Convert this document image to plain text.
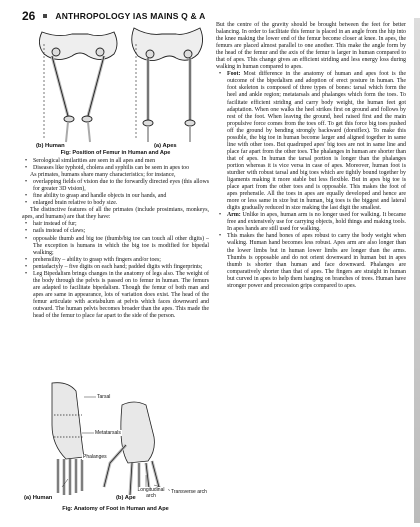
26 ANTHROPOLOGY IAS MAINS Q & A
(b) Human	(a) Apes
Fig: Position of Femur in Human and Ape
•	Serological similarities are seen in all apes and men
•	Diseases like typhoid, cholera and syphilis can be seen in apes too

As primates, humans share many characteristics; for instance,

•	overlapping fields of vision due to the forwardly directed eyes (this allows for greater 3D vision),
•	fine ability to grasp and handle objects in our hands, and
•	enlarged brain relative to body size.

The distinctive features of all the primates (include prosimians, monkeys, apes, and humans) are that they have:

•	hair instead of fur;
•	nails instead of claws;
•	opposable thumb and big toe (thumb/big toe can touch all other digits) – The exception is humans in which the big toe is modified for bipedal walking;
•	prehensility – ability to grasp with fingers and/or toes;
•	pentadactyly – five digits on each hand; padded digits with fingerprints;
•	Leg Bipedalism brings changes in the anatomy of legs also. The weight of the body through the pelvis is passed on to femur in human. The femurs are adapted to facilitate bipedalism. Though the femur of both man and apes are same in appearance, lots of variation does exist. The head of the femur articulate with acetabulum at pelvis which faces downward and outward. The human pelvis becomes broader than the apes. This made the head of the femur to place far apart to the side of the person.
Tarsal
Metatarsals
Phalanges
Transverse arch
Longitudinal arch
(a) Human	(b) Ape
Fig: Anatomy of Foot in Human and Ape

But the centre of the gravity should be brought between the feet for better balancing. In order to facilitate this femur is placed in an angle from the hip into the knee making the lower end of the femur become closer at knee. In apes, the femurs are placed almost parallel to one another. This make the angle form by the head of the femur and the axis of the femur is larger in human compared to that of apes. This change gives an efficient striding and less energy loss during walking in human compared to apes.

•	Foot: Most difference in the anatomy of human and apes foot is the outcome of the bipedalism and adoption of erect posture in human. The foot skeleton is composed of three types of bones: tarsal which form the heel and ankle region; metatarsals and phalanges which form the toes. To facilitate efficient striding and carry body weight, the human feet got adaptation. When one walks the heel strikes first on ground and follows by rest of the foot. When leaving the ground, heel raised first and the main propulsive force comes from the toes off. To get this force big toes pushed off the ground by bending strongly backward (dorsiflex). To make this possible, the big toe in human become larger and aligned together in same line with other toes. But quadruped apes' big toes are not in same line and place far apart from the other toes. The phalanges in human are shorter than that of apes. In human the tarsal portion is longer than the phalanges portion whereas it is vice versa in case of apes. Moreover, human foot is sturdier with robust tarsal and big toes which are tightly bound together by ligaments making it more stable but less flexible. But in apes big toe is place apart from the other toes and is opposable. This makes the foot of apes prehensile. All the toes in apes are equally developed and hence are more or less same in size but in human, big toes is the biggest and lateral digits gradually reduced in size making the last digit the smallest.
•	Arm: Unlike in apes, human arm is no longer used for walking. It became free and extensively use for carrying objects, hold things and making tools. In apes hands are still used for walking.
•	This makes the hand bones of apes robust to carry the body weight when walking. Human hand becomes less robust. Apes arm are also longer than the lower limbs but in human lower limbs are longer than the arms. Thumbs is opposable and do not orient downward in human but in apes thumb is shorter than human and face downward. Phalanges are comparatively shorter than that of apes. The fingers are straight in human but curved in apes to help them hanging on branches of trees. Human have stronger power and precession grips compared to apes.
